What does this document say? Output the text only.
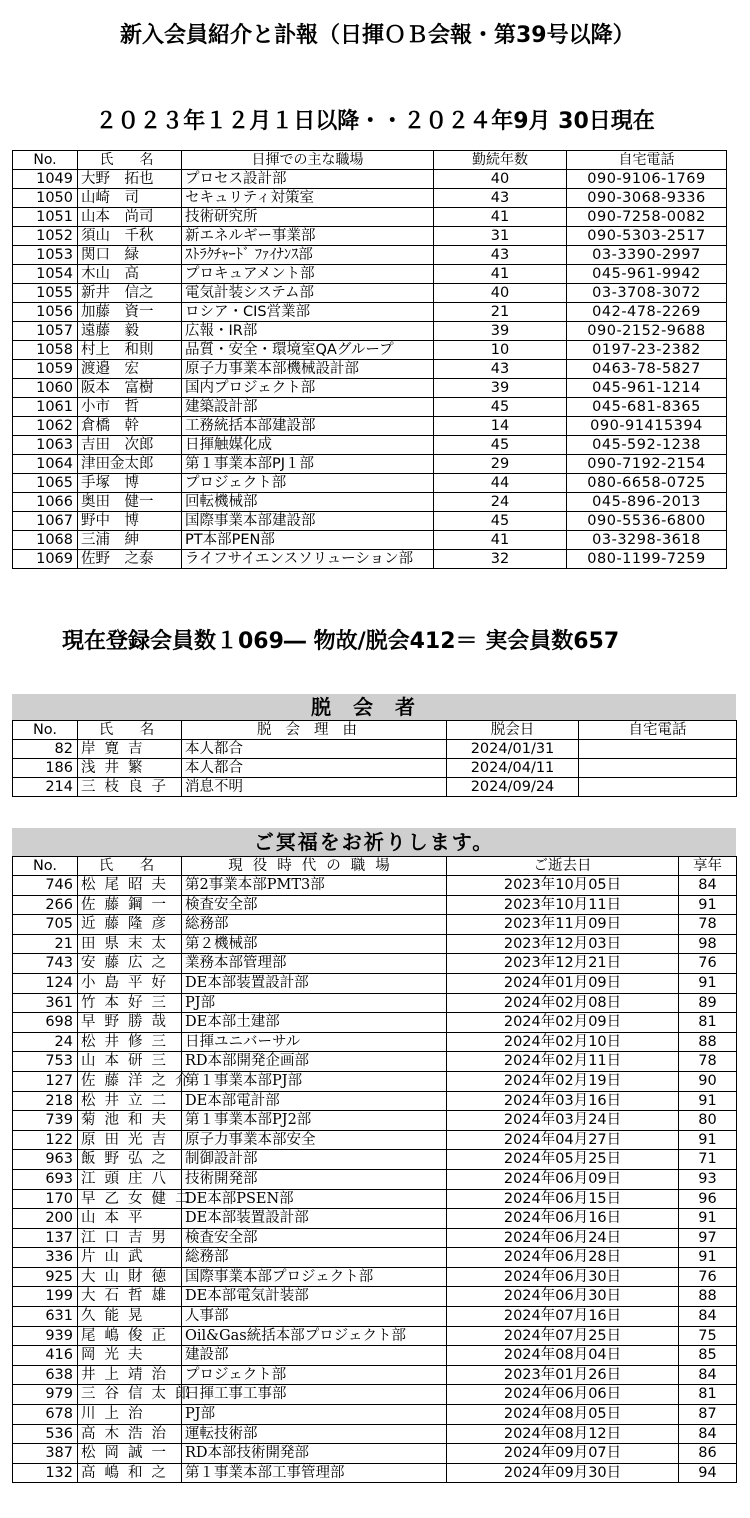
新入会員紹介と訃報（日揮ＯＢ会報・第39号以降）
２０２３年１２月１日以降・・２０２４年9月 30日現在
No.	氏　名	日揮での主な職場	勤続年数	自宅電話
1049	大野　拓也	プロセス設計部	40	090-9106-1769
1050	山崎　司	セキュリティ対策室	43	090-3068-9336
1051	山本　尚司	技術研究所	41	090-7258-0082
1052	須山　千秋	新エネルギー事業部	31	090-5303-2517
1053	関口　緑	ｽﾄﾗｸﾁｬｰﾄﾞ ﾌｧｲﾅﾝｽ部	43	03-3390-2997
1054	木山　高	プロキュアメント部	41	045-961-9942
1055	新井　信之	電気計装システム部	40	03-3708-3072
1056	加藤　資一	ロシア・CIS営業部	21	042-478-2269
1057	遠藤　毅	広報・IR部	39	090-2152-9688
1058	村上　和則	品質・安全・環境室QAグループ	10	0197-23-2382
1059	渡邉　宏	原子力事業本部機械設計部	43	0463-78-5827
1060	阪本　富樹	国内プロジェクト部	39	045-961-1214
1061	小市　哲	建築設計部	45	045-681-8365
1062	倉橋　幹	工務統括本部建設部	14	090-91415394
1063	吉田　次郎	日揮触媒化成	45	045-592-1238
1064	津田金太郎	第１事業本部PJ１部	29	090-7192-2154
1065	手塚　博	プロジェクト部	44	080-6658-0725
1066	奥田　健一	回転機械部	24	045-896-2013
1067	野中　博	国際事業本部建設部	45	090-5536-6800
1068	三浦　紳	PT本部PEN部	41	03-3298-3618
1069	佐野　之泰	ライフサイエンスソリューション部	32	080-1199-7259
現在登録会員数１069― 物故/脱会412＝ 実会員数657
脱会者
No.	氏　名	脱会理由	脱会日	自宅電話
82	岸寛吉	本人都合	2024/01/31	
186	浅井繁	本人都合	2024/04/11	
214	三枝良子	消息不明	2024/09/24	
ご冥福をお祈りします。
No.	氏　名	現役時代の職場	ご逝去日	享年
746	松尾昭夫	第2事業本部PMT3部	2023年10月05日	84
266	佐藤鋼一	検査安全部	2023年10月11日	91
705	近藤隆彦	総務部	2023年11月09日	78
21	田県末太	第２機械部	2023年12月03日	98
743	安藤広之	業務本部管理部	2023年12月21日	76
124	小島平好	DE本部装置設計部	2024年01月09日	91
361	竹本好三	PJ部	2024年02月08日	89
698	早野勝哉	DE本部土建部	2024年02月09日	81
24	松井修三	日揮ユニバーサル	2024年02月10日	88
753	山本研三	RD本部開発企画部	2024年02月11日	78
127	佐藤洋之介	第１事業本部PJ部	2024年02月19日	90
218	松井立二	DE本部電計部	2024年03月16日	91
739	菊池和夫	第１事業本部PJ2部	2024年03月24日	80
122	原田光吉	原子力事業本部安全	2024年04月27日	91
963	飯野弘之	制御設計部	2024年05月25日	71
693	江頭庄八	技術開発部	2024年06月09日	93
170	早乙女健二	DE本部PSEN部	2024年06月15日	96
200	山本平	DE本部装置設計部	2024年06月16日	91
137	江口吉男	検査安全部	2024年06月24日	97
336	片山武	総務部	2024年06月28日	91
925	大山財徳	国際事業本部プロジェクト部	2024年06月30日	76
199	大石哲雄	DE本部電気計装部	2024年06月30日	88
631	久能晃	人事部	2024年07月16日	84
939	尾嶋俊正	Oil&Gas統括本部プロジェクト部	2024年07月25日	75
416	岡光夫	建設部	2024年08月04日	85
638	井上靖治	プロジェクト部	2023年01月26日	84
979	三谷信太郎	日揮工事工事部	2024年06月06日	81
678	川上治	PJ部	2024年08月05日	87
536	高木浩治	運転技術部	2024年08月12日	84
387	松岡誠一	RD本部技術開発部	2024年09月07日	86
132	高嶋和之	第１事業本部工事管理部	2024年09月30日	94
